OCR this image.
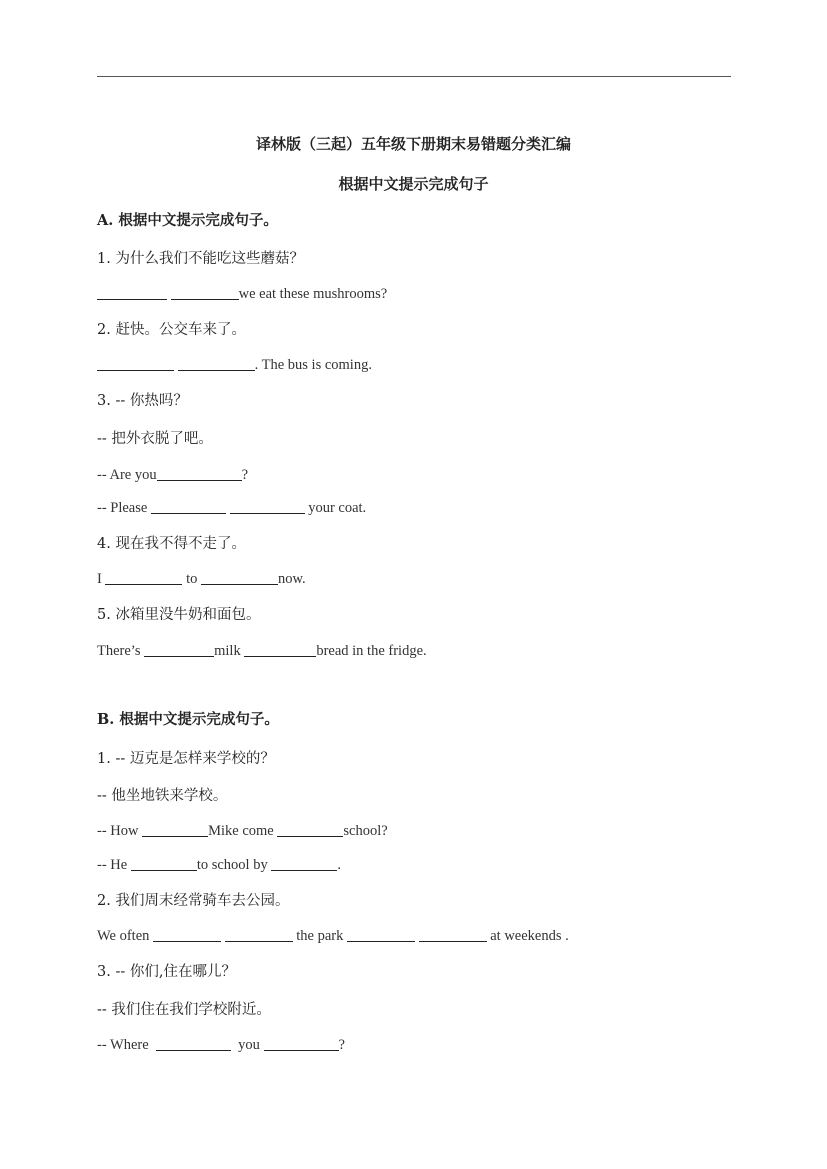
译林版（三起）五年级下册期末易错题分类汇编
根据中文提示完成句子
A. 根据中文提示完成句子。
1. 为什么我们不能吃这些蘑菇？
we eat these mushrooms?
2. 赶快。公交车来了。
. The bus is coming.
3. -- 你热吗？
-- 把外衣脱了吧。
-- Are you	?
-- Please	your coat.
4. 现在我不得不走了。
I	to	now.
5. 冰箱里没牛奶和面包。
There’s	milk	bread in the fridge.
B. 根据中文提示完成句子。
1. -- 迈克是怎样来学校的？
-- 他坐地铁来学校。
-- How	Mike come	school?
-- He	to school by	.
2. 我们周末经常骑车去公园。
We often	the park	at weekends .
3. -- 你们,住在哪儿？
-- 我们住在我们学校附近。
-- Where	you	?
